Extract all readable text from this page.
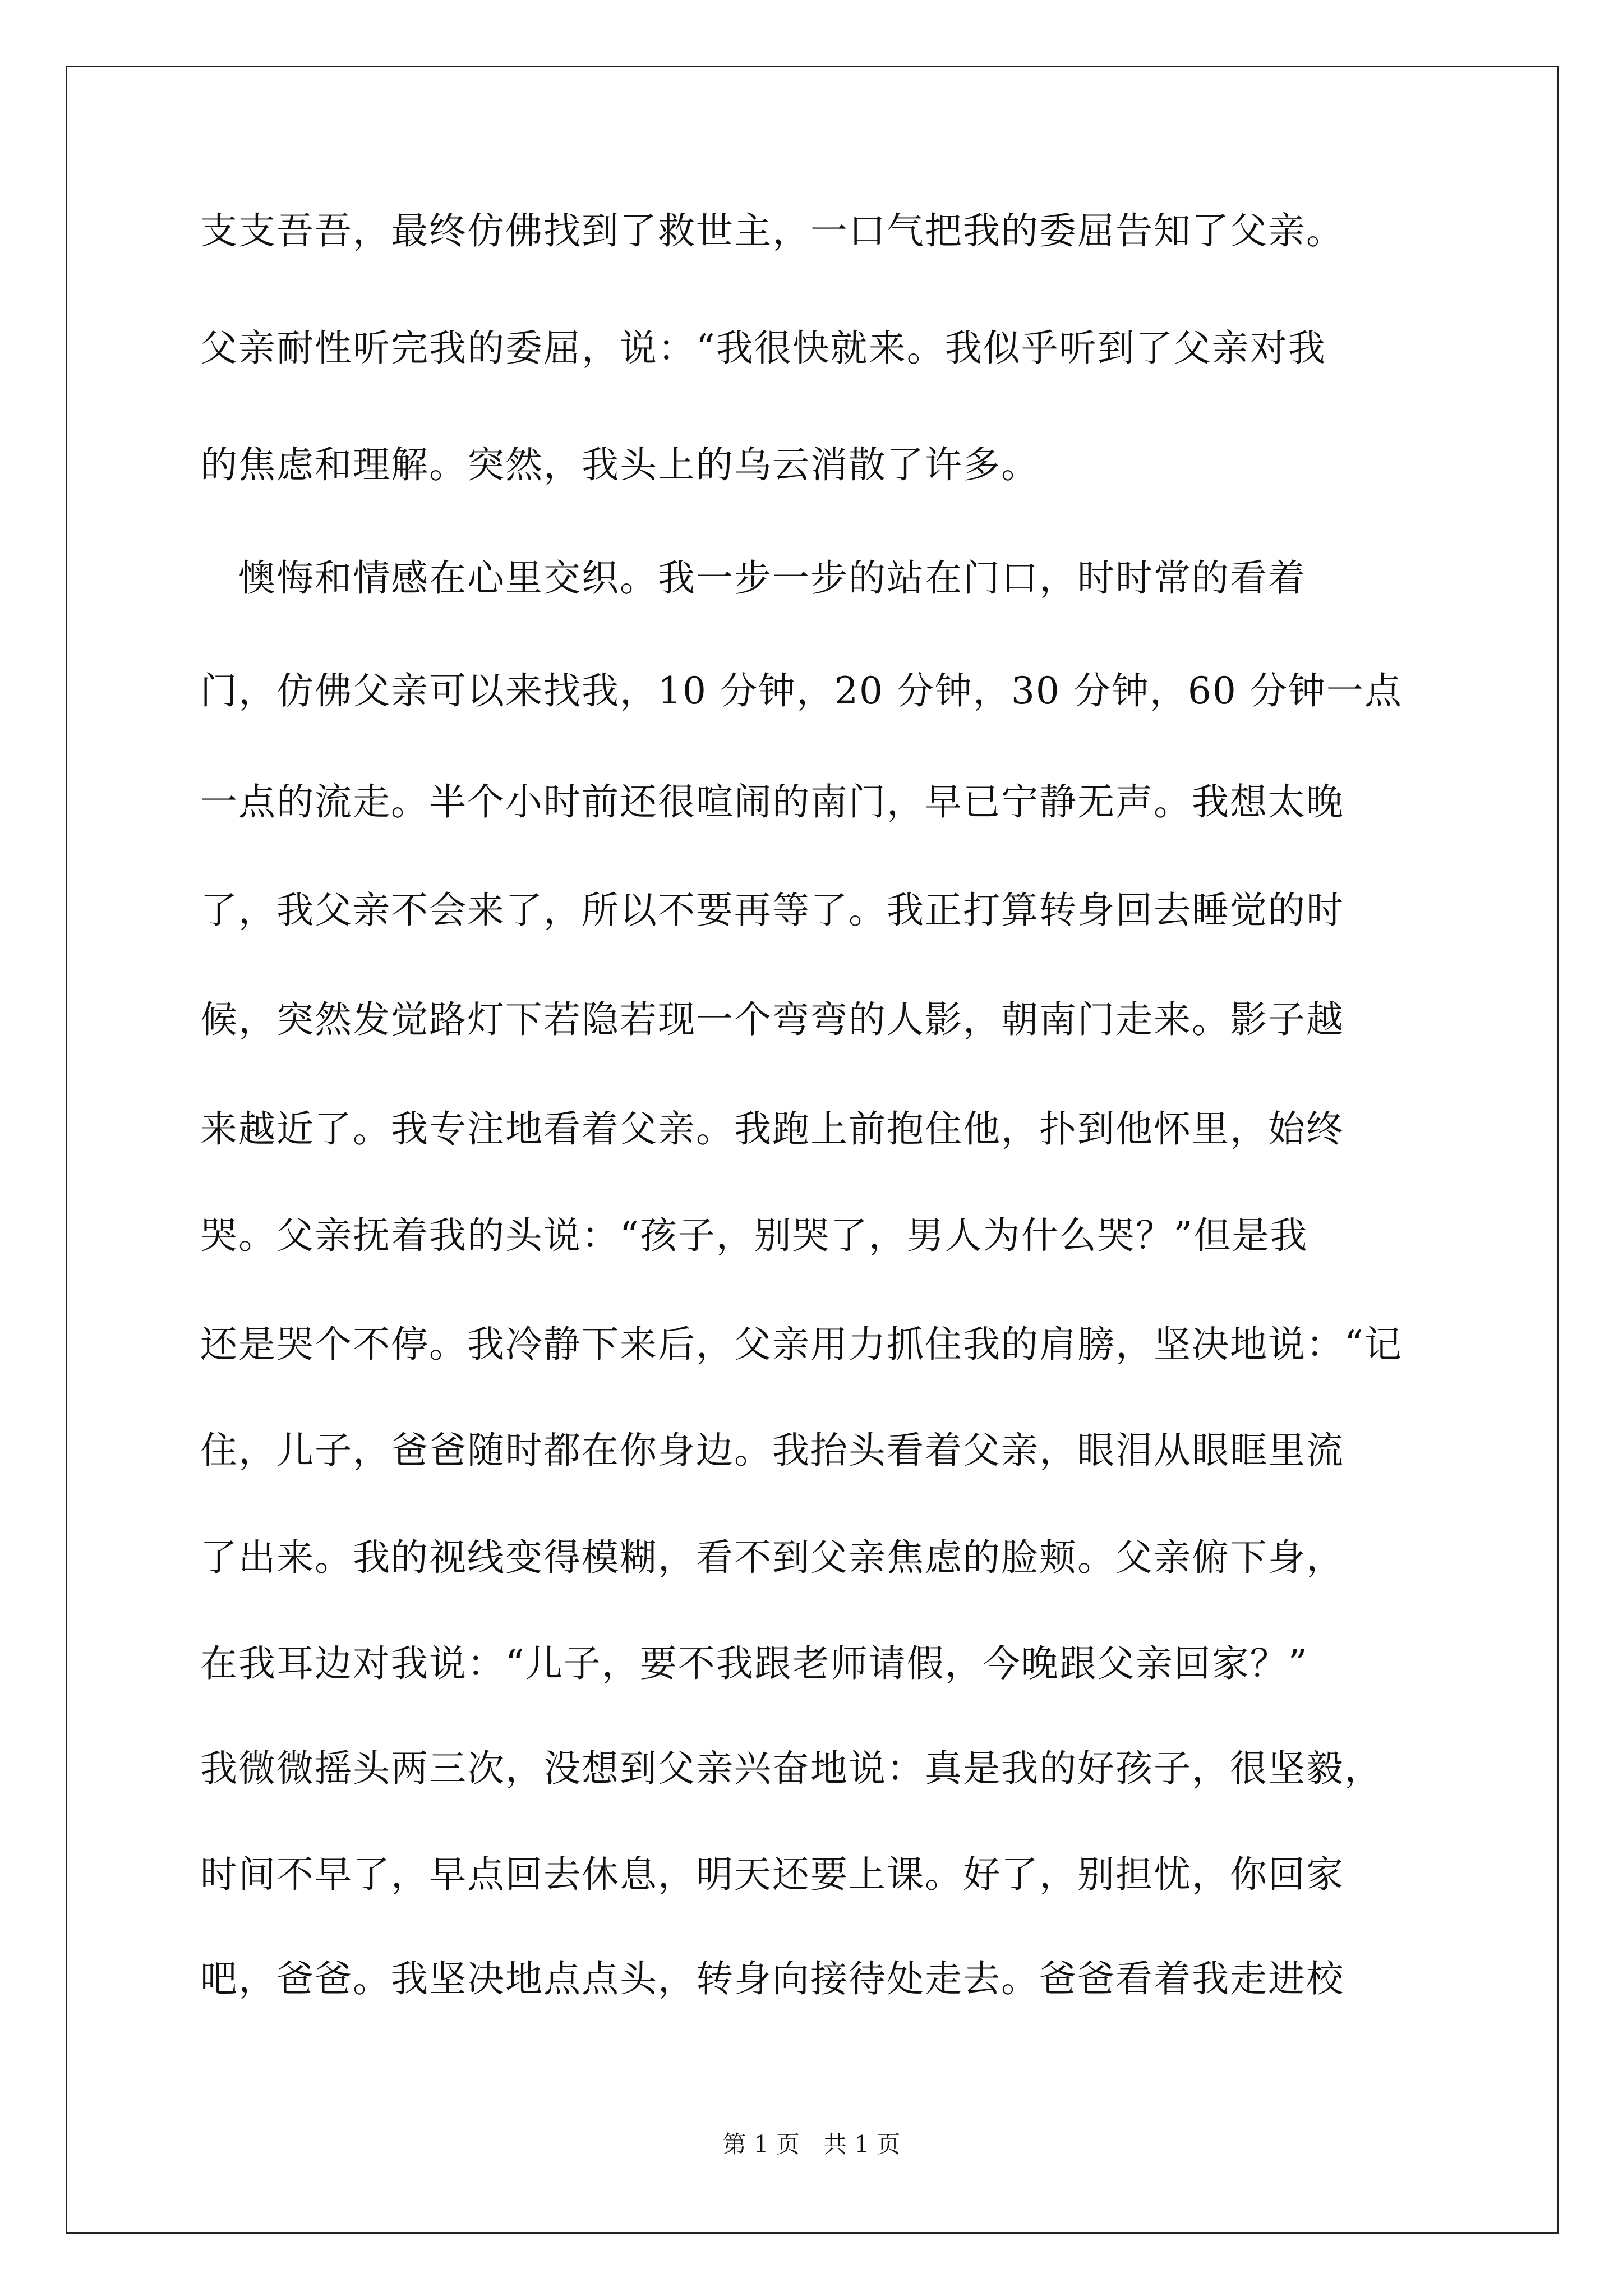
支支吾吾，最终仿佛找到了救世主，一口气把我的委屈告知了父亲。
父亲耐性听完我的委屈，说：“我很快就来。我似乎听到了父亲对我
的焦虑和理解。突然，我头上的乌云消散了许多。
　懊悔和情感在心里交织。我一步一步的站在门口，时时常的看着
门，仿佛父亲可以来找我，10 分钟，20 分钟，30 分钟，60 分钟一点
一点的流走。半个小时前还很喧闹的南门，早已宁静无声。我想太晚
了，我父亲不会来了，所以不要再等了。我正打算转身回去睡觉的时
候，突然发觉路灯下若隐若现一个弯弯的人影，朝南门走来。影子越
来越近了。我专注地看着父亲。我跑上前抱住他，扑到他怀里，始终
哭。父亲抚着我的头说：“孩子，别哭了，男人为什么哭？”但是我
还是哭个不停。我冷静下来后，父亲用力抓住我的肩膀，坚决地说：“记
住，儿子，爸爸随时都在你身边。我抬头看着父亲，眼泪从眼眶里流
了出来。我的视线变得模糊，看不到父亲焦虑的脸颊。父亲俯下身，
在我耳边对我说：“儿子，要不我跟老师请假，今晚跟父亲回家？”
我微微摇头两三次，没想到父亲兴奋地说：真是我的好孩子，很坚毅，
时间不早了，早点回去休息，明天还要上课。好了，别担忧，你回家
吧，爸爸。我坚决地点点头，转身向接待处走去。爸爸看着我走进校
第 1 页　共 1 页
